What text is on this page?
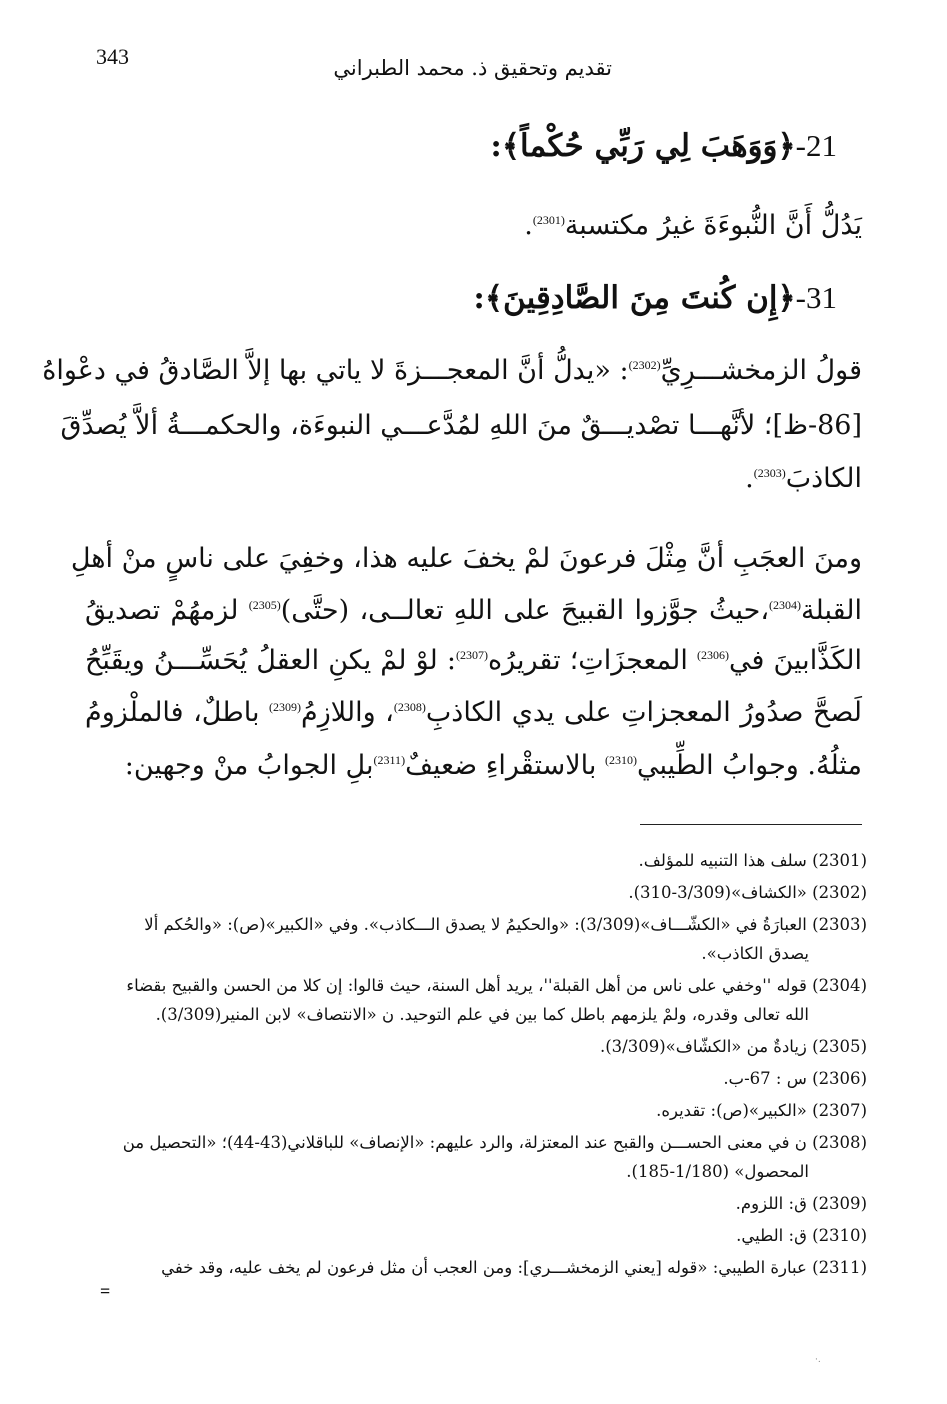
343	تقديم وتحقيق ذ. محمد الطبراني
21-﴿وَوَهَبَ لِي رَبِّي حُكْماً﴾:
يَدُلُّ أَنَّ النُّبوءَةَ غيرُ مكتسبة$^{(2301)}$.
31-﴿إِن كُنتَ مِنَ الصَّادِقِينَ﴾:
قولُ الزمخشـــرِيِّ$^{(2302)}$: «يدلُّ أنَّ المعجـــزةَ لا ياتي بها إلاَّ الصَّادقُ في دعْواهُ
[86-ظ]؛ لأنَّهـــا تصْديـــقٌ منَ اللهِ لمُدَّعـــي النبوءَة، والحكمـــةُ ألاَّ يُصدِّقَ
الكاذبَ$^{(2303)}$.
ومنَ العجَبِ أنَّ مِثْلَ فرعونَ لمْ يخفَ عليه هذا، وخفِيَ على ناسٍ منْ أهلِ
القبلة$^{(2304)}$،حيثُ جوَّزوا القبيحَ على اللهِ تعالــى، (حتَّى)$^{(2305)}$ لزمهُمْ تصديقُ
الكَذَّابينَ في$^{(2306)}$ المعجزَاتِ؛ تقريرُه$^{(2307)}$: لوْ لمْ يكنِ العقلُ يُحَسِّـــنُ ويقَبِّحُ
لَصحَّ صدُورُ المعجزاتِ على يدي الكاذبِ$^{(2308)}$، واللازِمُ$^{(2309)}$ باطلٌ، فالملْزومُ
مثلُهُ. وجوابُ الطِّيبي$^{(2310)}$ بالاستقْراءِ ضعيفٌ$^{(2311)}$بلِ الجوابُ منْ وجهين:
(2301) سلف هذا التنبيه للمؤلف.
(2302) «الكشاف»(3/309-310).
(2303) العبارَةُ في «الكشّـــاف»(3/309): «والحكيمُ لا يصدق الـــكاذب». وفي «الكبير»(ص): «والحُكم ألا
يصدق الكاذب».
(2304) قوله ''وخفي على ناس من أهل القبلة''، يريد أهل السنة، حيث قالوا: إن كلا من الحسن والقبيح بقضاء
الله تعالى وقدره، ولمْ يلزمهم باطل كما بين في علم التوحيد. ن «الانتصاف» لابن المنير(3/309).
(2305) زيادةٌ من «الكشّاف»(3/309).
(2306) س : 67-ب.
(2307) «الكبير»(ص): تقديره.
(2308) ن في معنى الحســـن والقبح عند المعتزلة، والرد عليهم: «الإنصاف» للباقلاني(43-44)؛ «التحصيل من
المحصول» (1/180-185).
(2309) ق: اللزوم.
(2310) ق: الطيي.
(2311) عبارة الطيبي: «قوله [يعني الزمخشـــري]: ومن العجب أن مثل فرعون لم يخف عليه، وقد خفي
=
·.
